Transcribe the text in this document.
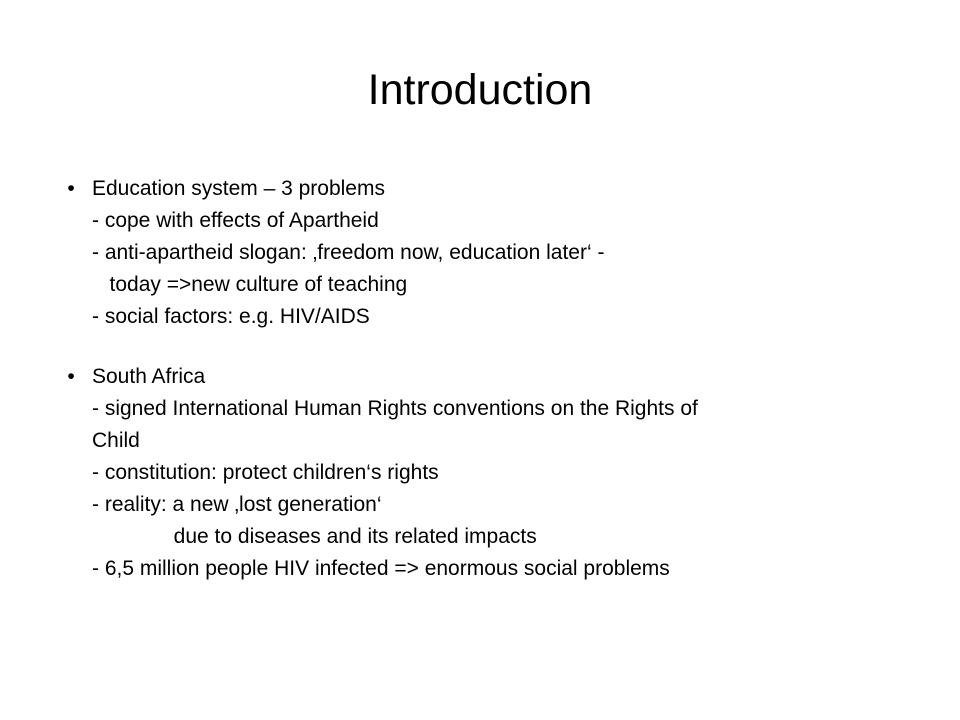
Introduction
• Education system – 3 problems
- cope with effects of Apartheid
- anti-apartheid slogan: ‚freedom now, education later‘ -
today =>new culture of teaching
- social factors: e.g. HIV/AIDS
• South Africa
- signed International Human Rights conventions on the Rights of
Child
- constitution: protect children‘s rights
- reality: a new ‚lost generation‘
due to diseases and its related impacts
- 6,5 million people HIV infected => enormous social problems
